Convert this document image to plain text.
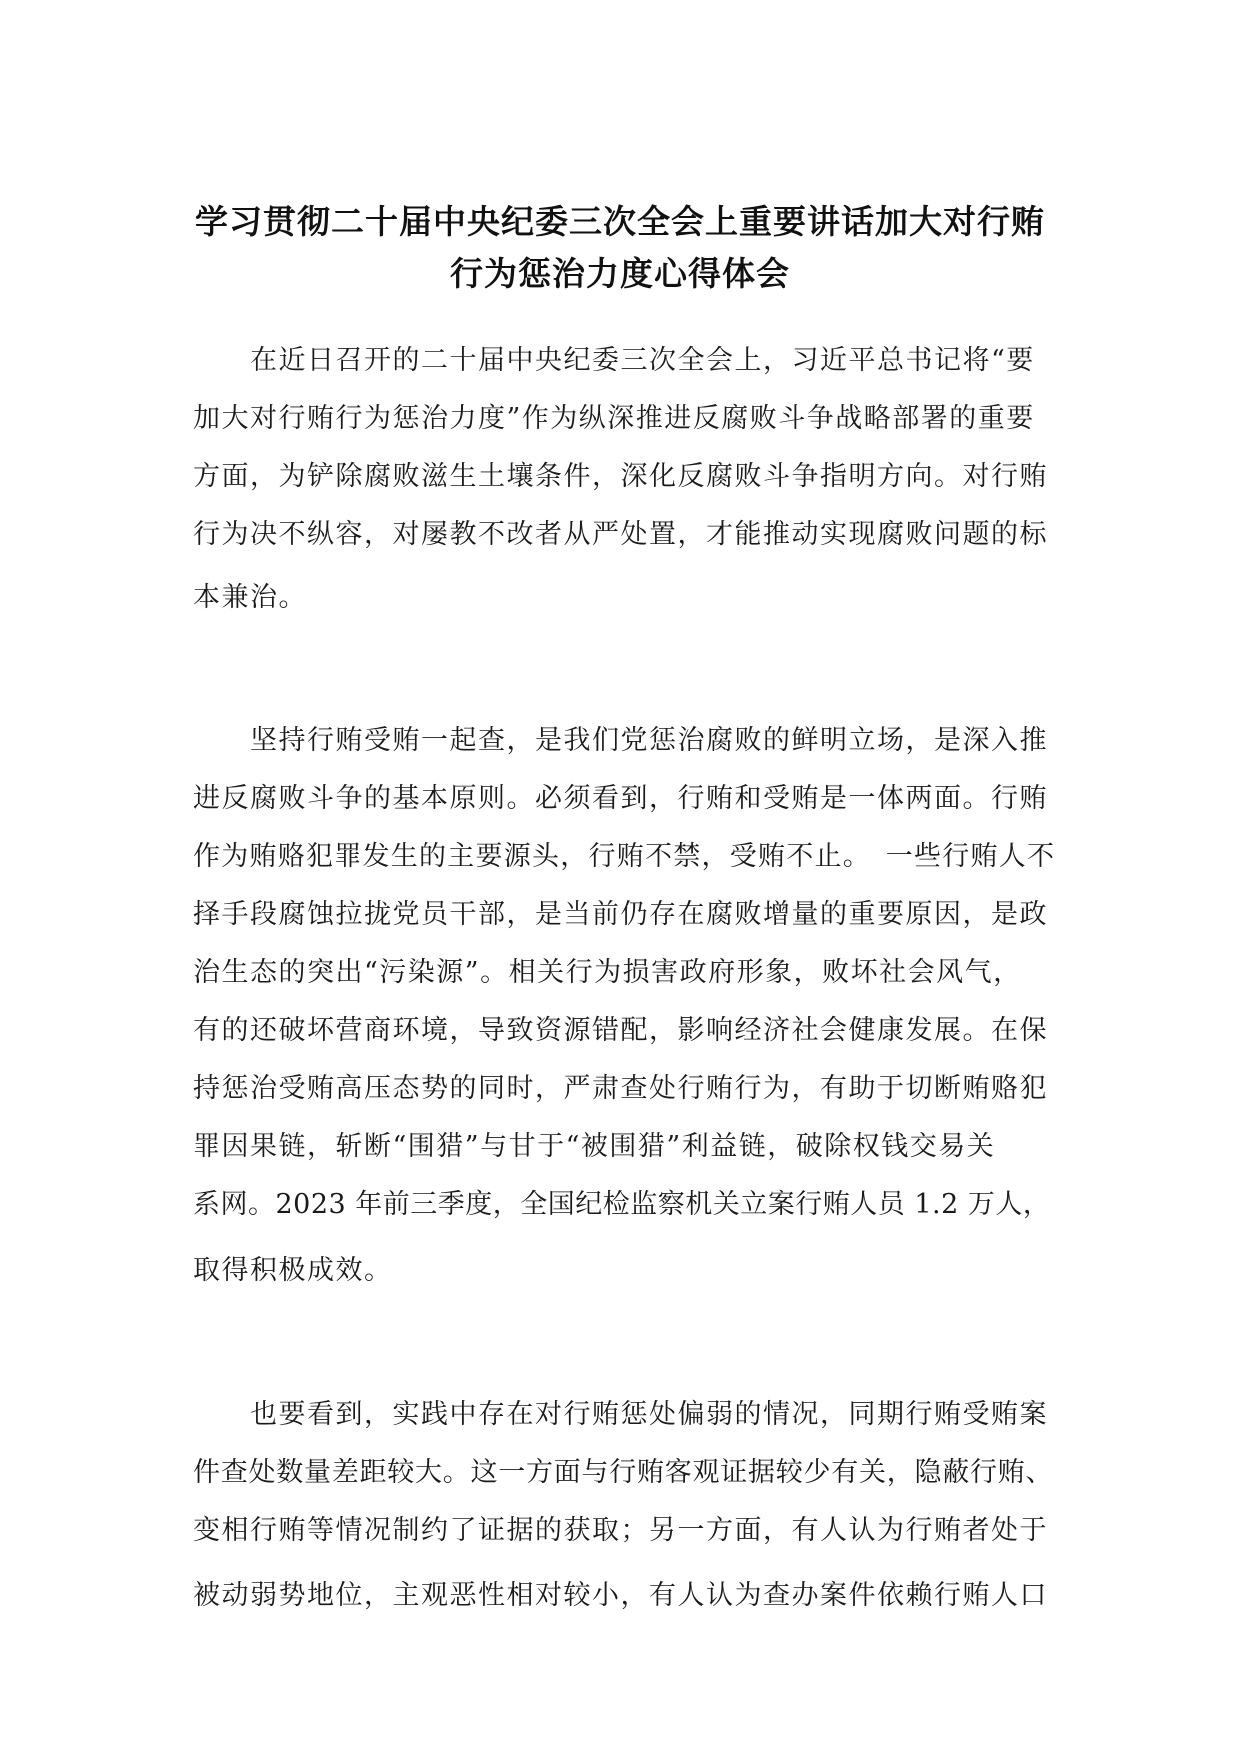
学习贯彻二十届中央纪委三次全会上重要讲话加大对行贿
行为惩治力度心得体会
　　在近日召开的二十届中央纪委三次全会上，习近平总书记将“要
加大对行贿行为惩治力度”作为纵深推进反腐败斗争战略部署的重要
方面，为铲除腐败滋生土壤条件，深化反腐败斗争指明方向。对行贿
行为决不纵容，对屡教不改者从严处置，才能推动实现腐败问题的标
本兼治。
　　坚持行贿受贿一起查，是我们党惩治腐败的鲜明立场，是深入推
进反腐败斗争的基本原则。必须看到，行贿和受贿是一体两面。行贿
作为贿赂犯罪发生的主要源头，行贿不禁，受贿不止。　一些行贿人不
择手段腐蚀拉拢党员干部，是当前仍存在腐败增量的重要原因，是政
治生态的突出“污染源”。相关行为损害政府形象，败坏社会风气，
有的还破坏营商环境，导致资源错配，影响经济社会健康发展。在保
持惩治受贿高压态势的同时，严肃查处行贿行为，有助于切断贿赂犯
罪因果链，斩断“围猎”与甘于“被围猎”利益链，破除权钱交易关
系网。2023 年前三季度，全国纪检监察机关立案行贿人员 1.2 万人，
取得积极成效。
　　也要看到，实践中存在对行贿惩处偏弱的情况，同期行贿受贿案
件查处数量差距较大。这一方面与行贿客观证据较少有关，隐蔽行贿、
变相行贿等情况制约了证据的获取；另一方面，有人认为行贿者处于
被动弱势地位，主观恶性相对较小，有人认为查办案件依赖行贿人口
